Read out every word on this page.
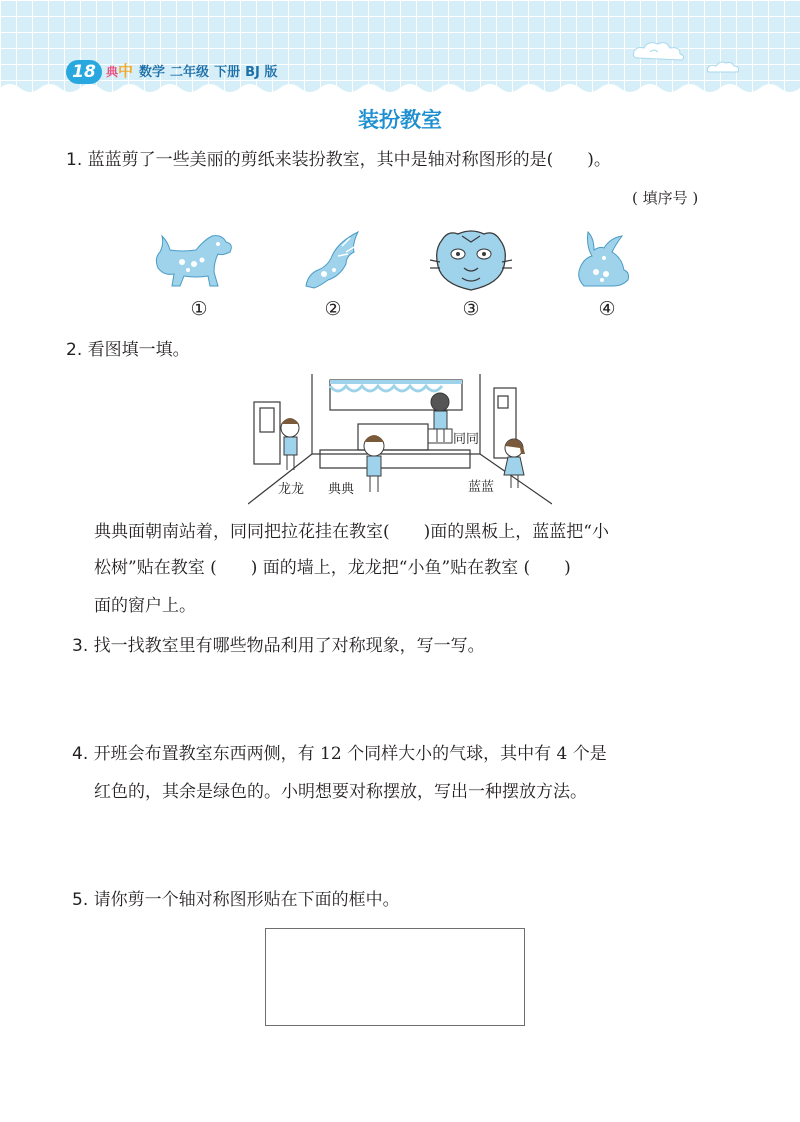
18 典中 数学 二年级 下册 BJ 版
装扮教室
1. 蓝蓝剪了一些美丽的剪纸来装扮教室，其中是轴对称图形的是(　　)。
( 填序号 )
①	②	③	④
2. 看图填一填。
同同
龙龙 典典	蓝蓝
典典面朝南站着，同同把拉花挂在教室(　　)面的黑板上，蓝蓝把“小
松树”贴在教室 (　　) 面的墙上，龙龙把“小鱼”贴在教室 (　　)
面的窗户上。
3. 找一找教室里有哪些物品利用了对称现象，写一写。
4. 开班会布置教室东西两侧，有 12 个同样大小的气球，其中有 4 个是
红色的，其余是绿色的。小明想要对称摆放，写出一种摆放方法。
5. 请你剪一个轴对称图形贴在下面的框中。
